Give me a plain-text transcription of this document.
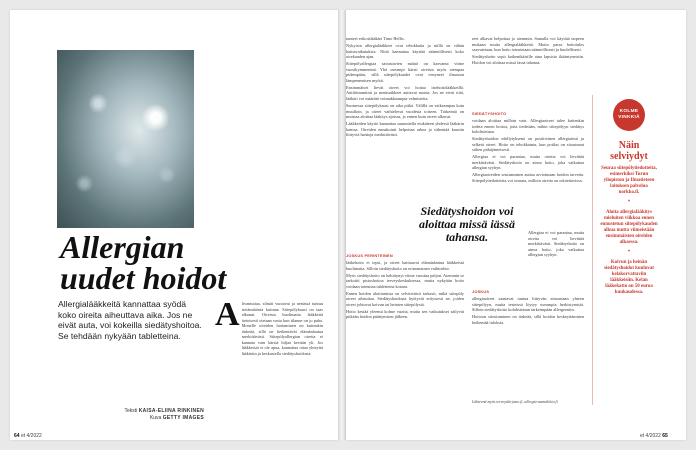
Allergian
uudet hoidot

Allergialääkkeitä kannattaa syödä koko oireita aiheuttava aika. Jos ne eivät auta, voi kokeilla siedätyshoitoa. Se tehdään nykyään tabletteina.

Teksti KAISA-ELIINA RINKINEN
Kuva GETTY IMAGES
A livantuttaa, silmät vuotavat ja nenässä tuntuu sietämätöntä kutinaa. Siitepölykausi on taas alkanut. Oireista huolimatta lääkkeitä tietoisesti otetaan vasta kun tilanne on jo paha. Monelle oireiden hoitaminen on kuitenkin tärkeää, sillä ne heikentävät elämänlaatua merkittävästi. Siitepölyallergian oireita ei kannata vain kärsiä hiljaa kevään yli. Jos lääkkeistä ei ole apua, kannattaa ottaa yhteyttä lääkäriin ja keskustella siedätyshoidosta.

tunteet erikoislääkäri Timo Hellis.

Nykyisin allergialääkkeet ovat tehokkaita ja niillä on vähän haittavaikutuksia. Niitä kannattaa käyttää säännöllisesti koko oirekauden ajan.

Siitepölyallergiaa sairastavien määrä on kasvanut viime vuosikymmeninä. Yhä useampi kärsii oireista myös aiempaa pidempään, sillä siitepölykaudet ovat venyneet ilmaston lämpenemisen myötä.

Ensimmäiset lievät oireet voi hoitaa itsehoitolääkkeillä. Antihistamiinit ja nenäsuihkeet auttavat monia. Jos ne eivät riitä, lääkäri voi määrätä voimakkaampia valmisteita.

Suomessa siitepölykausi on aika pitkä. Välillä on vaikeampaa kuin muulloin, ja oireet vaihtelevat vuodesta toiseen. Tärkeintä on muistaa aloittaa lääkitys ajoissa, jo ennen kuin oireet alkavat.

Lääkkeiden käyttö kannattaa suunnitella etukäteen yhdessä lääkärin kanssa. Oireiden ennakointi helpottaa arkea ja vähentää kausiin liittyviä haittoja merkittävästi.

Siedätyshoidon voi aloittaa missä iässä tahansa.

JOSKUS PERINTEINEN

lääkehoito ei tepsi, ja oireet haittaavat elämänlaatua lääkkeistä huolimatta. Silloin siedätyshoito on erinomainen vaihtoehto.

Myös siedätyshoito on kehittynyt viime vuosina paljon. Aiemmin se tarkoitti pistoshoitoa terveyskeskuksessa, mutta nykyään hoito voidaan toteuttaa tabletteina kotona.

Ennen hoidon aloittamista on selvitettävä tarkasti, mikä siitepöly oireet aiheuttaa. Siedätyshoidosta hyötyvät erityisesti ne, joiden oireet johtuvat koivun tai heinien siitepölystä.

Hoito kestää yleensä kolme vuotta, mutta sen vaikutukset säilyvät pitkään hoidon päättymisen jälkeen.

reet alkavat helpottaa jo aiemmin. Samalla voi käyttää tarpeen mukaan muita allergialääkkeitä. Mutta paras hoitotulos saavutetaan, kun hoito toteutetaan säännöllisesti ja huolellisesti.

Siedätyshoito sopii kaikenikäisille aina lapsista ikääntyneisiin. Hoidon voi aloittaa missä iässä tahansa.

SIEDÄTYSHOITO

voidaan aloittaa milloin vain. Allergiaoireet tulee kuitenkin todeta ennen hoitoa, jotta tiedetään, mihin siitepölyyn siedätys kohdistetaan.

Siedätyshoidon edellytyksenä on positiivinen allergiatesti ja selkeät oireet. Hoito on tehokkainta, kun potilas on sitoutunut siihen pitkäjänteisesti.

Allergiaa ei voi parantaa, mutta oireita voi lievittää merkittävästi. Siedätyshoito on ainoa hoito, joka vaikuttaa allergian syyhyn.

Allergiaoireiden seuraaminen auttaa arvioimaan hoidon tarvetta. Siitepölytiedotteista voi seurata, milloin oireita on odotettavissa.

Allergiaa ei voi parantaa, mutta oireita voi lievittää merkittävästi. Siedätyshoito on ainoa hoito, joka vaikuttaa allergian syyhyn.

JOSKUS

allergiaoireet saattavat tuntua liittyvän ainoastaan yhteen siitepölyyn, mutta testeissä löytyy useampia herkistymisiä. Silloin siedätyshoito kohdistetaan tärkeimpään allergeeniin.

Hoitoon sitoutuminen on tärkeää, sillä hoidon keskeyttäminen heikentää tuloksia.

Lähteenä myös terveyskirjasto.fi, allergia-astmaliitto.fi
KOLME
VINKKIÄ
Näin selviydyt

Seuraa siitepölytiedotteita, esimerkiksi Turun yliopiston ja Ilmatieteen laitoksen palvelua norkko.fi.

*

Aloita allergialääkitys mieluiten viikkoa ennen ennustetun siitepölykauden alkua mutta viimeistään ensimmäisten oireiden alkaessa.

*

Koivun ja heinän siedätyshoidot kuuluvat kelakorvattaviin lääkkeisiin. Kelan lääkekatto on 50 euroa kuukaudessa.

64 et 4/2022	et 4/2022 65
